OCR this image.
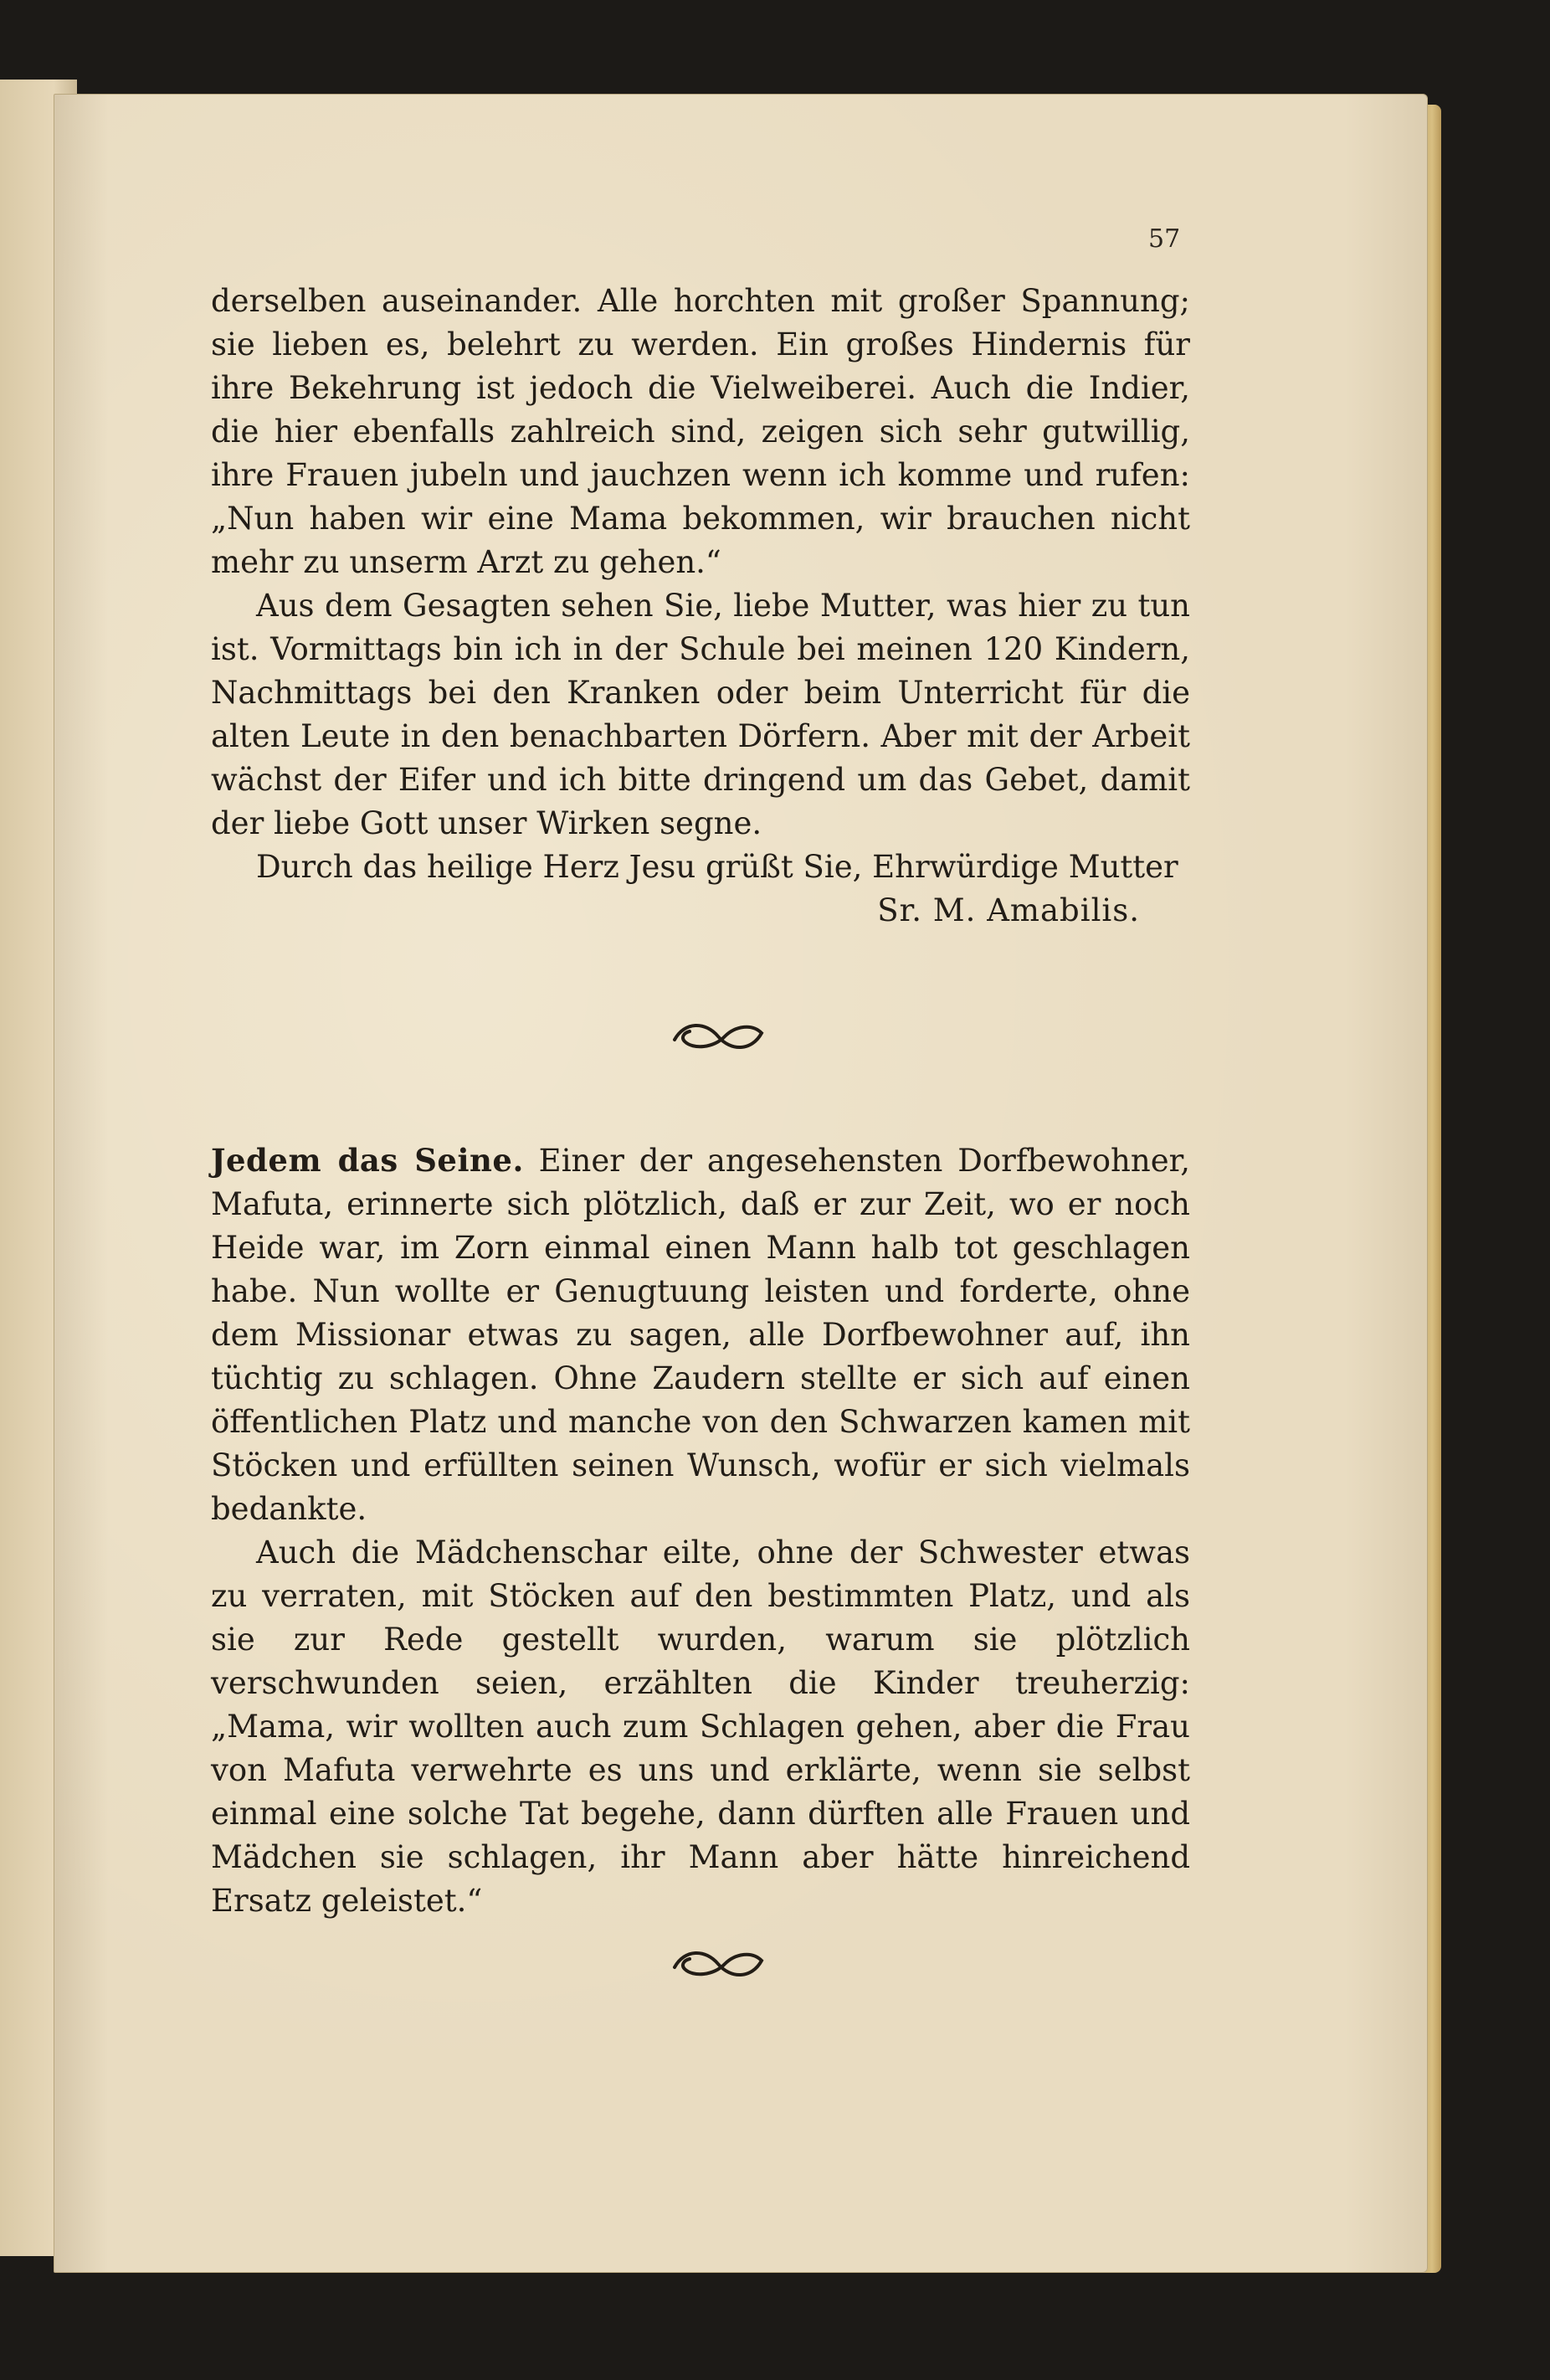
57

derselben auseinander. Alle horchten mit großer Spannung; sie lieben es, belehrt zu werden. Ein großes Hindernis für ihre Bekehrung ist jedoch die Vielweiberei. Auch die Indier, die hier ebenfalls zahlreich sind, zeigen sich sehr gutwillig, ihre Frauen jubeln und jauchzen wenn ich komme und rufen: „Nun haben wir eine Mama bekommen, wir brauchen nicht mehr zu unserm Arzt zu gehen.“

Aus dem Gesagten sehen Sie, liebe Mutter, was hier zu tun ist. Vormittags bin ich in der Schule bei meinen 120 Kindern, Nachmittags bei den Kranken oder beim Unterricht für die alten Leute in den benachbarten Dörfern. Aber mit der Arbeit wächst der Eifer und ich bitte dringend um das Gebet, damit der liebe Gott unser Wirken segne.

Durch das heilige Herz Jesu grüßt Sie, Ehrwürdige Mutter

Sr. M. Amabilis.

Jedem das Seine. Einer der angesehensten Dorfbewohner, Mafuta, erinnerte sich plötzlich, daß er zur Zeit, wo er noch Heide war, im Zorn einmal einen Mann halb tot geschlagen habe. Nun wollte er Genugtuung leisten und forderte, ohne dem Missionar etwas zu sagen, alle Dorfbewohner auf, ihn tüchtig zu schlagen. Ohne Zaudern stellte er sich auf einen öffentlichen Platz und manche von den Schwarzen kamen mit Stöcken und erfüllten seinen Wunsch, wofür er sich vielmals bedankte.

Auch die Mädchenschar eilte, ohne der Schwester etwas zu verraten, mit Stöcken auf den bestimmten Platz, und als sie zur Rede gestellt wurden, warum sie plötzlich verschwunden seien, erzählten die Kinder treuherzig: „Mama, wir wollten auch zum Schlagen gehen, aber die Frau von Mafuta verwehrte es uns und erklärte, wenn sie selbst einmal eine solche Tat begehe, dann dürften alle Frauen und Mädchen sie schlagen, ihr Mann aber hätte hinreichend Ersatz geleistet.“
